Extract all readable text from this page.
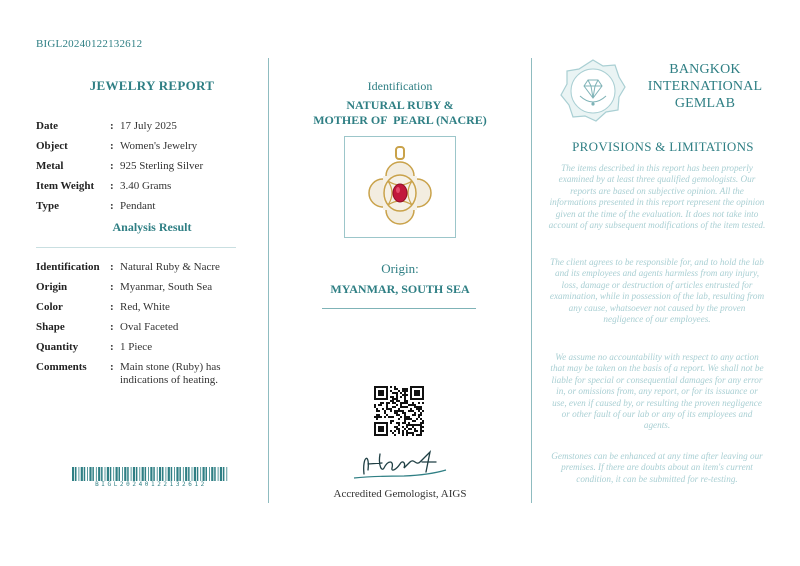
BIGL20240122132612
JEWELRY REPORT
Date	: 17 July 2025
Object	: Women's Jewelry
Metal	: 925 Sterling Silver
Item Weight : 3.40 Grams
Type	: Pendant
Analysis Result
Identification : Natural Ruby & Nacre
Origin	: Myanmar, South Sea
Color	: Red, White
Shape	: Oval Faceted
Quantity	: 1 Piece
Comments : Main stone (Ruby) has indications of heating.
BIGL20240122132612
Identification
NATURAL RUBY &
MOTHER OF  PEARL (NACRE)
Origin:
MYANMAR, SOUTH SEA
Accredited Gemologist, AIGS
BANGKOK
INTERNATIONAL
GEMLAB
PROVISIONS & LIMITATIONS
The items described in this report has been properly examined by at least three qualified gemologists. Our reports are based on subjective opinion. All the informations presented in this report represent the opinion given at the time of the evaluation. It does not take into account of any subsequent modifications of the item tested.
The client agrees to be responsible for, and to hold the lab and its employees and agents harmless from any injury, loss, damage or destruction of articles entrusted for examination, while in possession of the lab, resulting from any cause, whatsoever not caused by the proven negligence of our employees.
We assume no accountability with respect to any action that may be taken on the basis of a report. We shall not be liable for special or consequential damages for any error in, or omissions from, any report, or for its issuance or use, even if caused by, or resulting the proven negligence or other fault of our lab or any of its employees and agents.
Gemstones can be enhanced at any time after leaving our premises. If there are doubts about an item's current condition, it can be submitted for re-testing.
